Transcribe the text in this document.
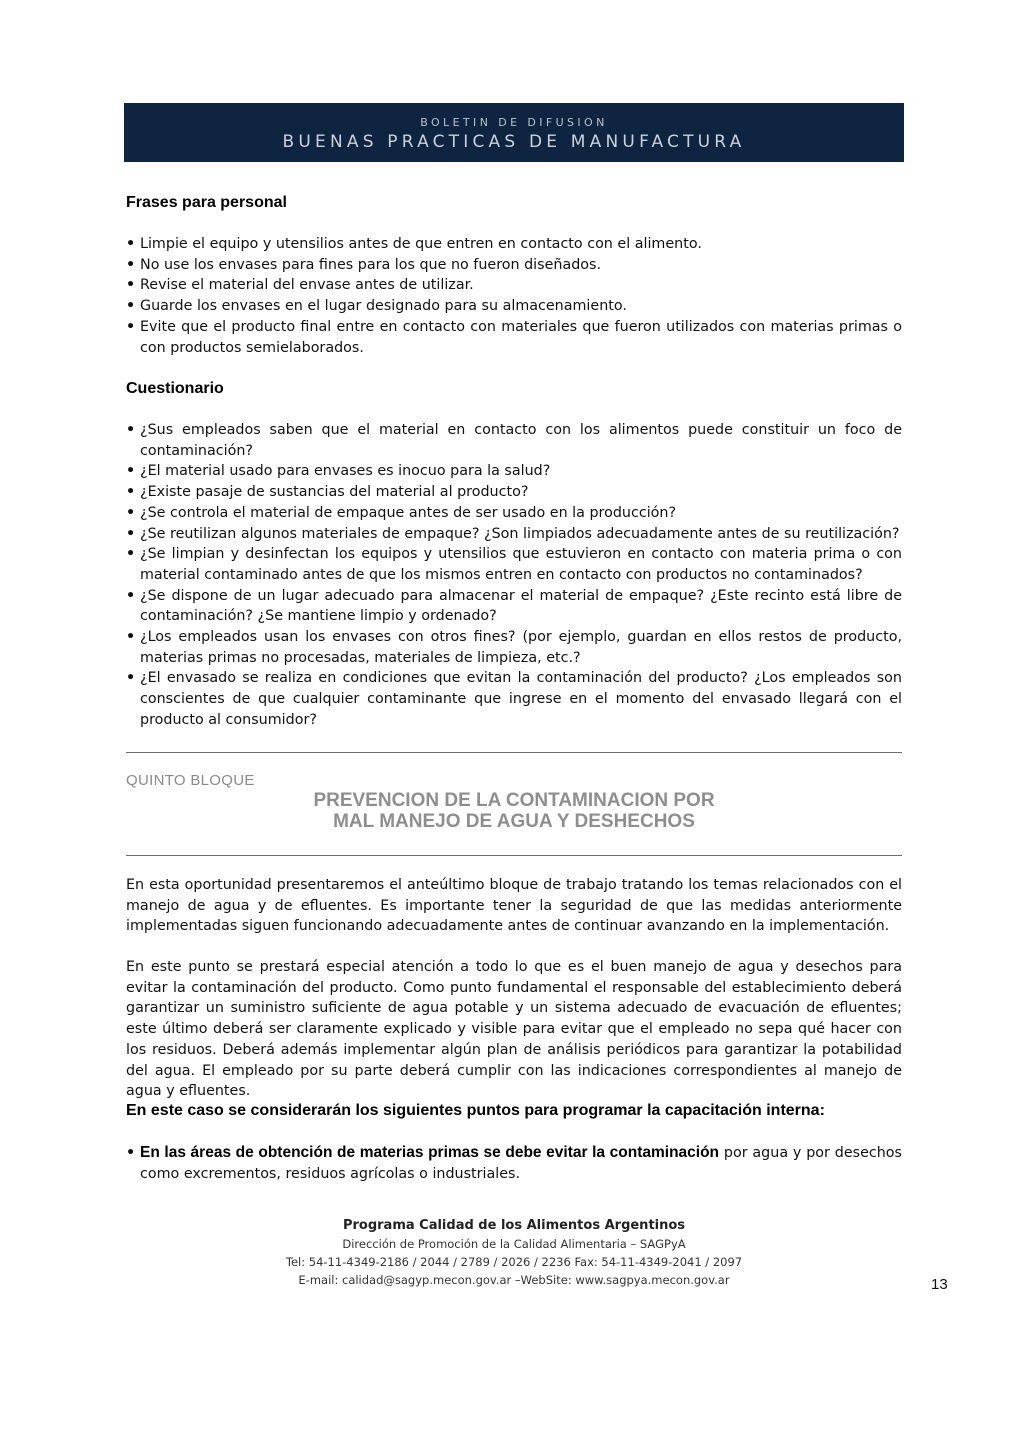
BOLETIN DE DIFUSION
BUENAS PRACTICAS DE MANUFACTURA
Frases para personal
• Limpie el equipo y utensilios antes de que entren en contacto con el alimento.
• No use los envases para fines para los que no fueron diseñados.
• Revise el material del envase antes de utilizar.
• Guarde los envases en el lugar designado para su almacenamiento.
• Evite que el producto final entre en contacto con materiales que fueron utilizados con materias primas o con productos semielaborados.
Cuestionario
• ¿Sus empleados saben que el material en contacto con los alimentos puede constituir un foco de contaminación?
• ¿El material usado para envases es inocuo para la salud?
• ¿Existe pasaje de sustancias del material al producto?
• ¿Se controla el material de empaque antes de ser usado en la producción?
• ¿Se reutilizan algunos materiales de empaque? ¿Son limpiados adecuadamente antes de su reutilización?
• ¿Se limpian y desinfectan los equipos y utensilios que estuvieron en contacto con materia prima o con material contaminado antes de que los mismos entren en contacto con productos no contaminados?
• ¿Se dispone de un lugar adecuado para almacenar el material de empaque? ¿Este recinto está libre de contaminación? ¿Se mantiene limpio y ordenado?
• ¿Los empleados usan los envases con otros fines? (por ejemplo, guardan en ellos restos de producto, materias primas no procesadas, materiales de limpieza, etc.?
• ¿El envasado se realiza en condiciones que evitan la contaminación del producto? ¿Los empleados son conscientes de que cualquier contaminante que ingrese en el momento del envasado llegará con el producto al consumidor?
QUINTO BLOQUE
PREVENCION DE LA CONTAMINACION POR
MAL MANEJO DE AGUA Y DESHECHOS

En esta oportunidad presentaremos el anteúltimo bloque de trabajo tratando los temas relacionados con el manejo de agua y de efluentes. Es importante tener la seguridad de que las medidas anteriormente implementadas siguen funcionando adecuadamente antes de continuar avanzando en la implementación.

En este punto se prestará especial atención a todo lo que es el buen manejo de agua y desechos para evitar la contaminación del producto. Como punto fundamental el responsable del establecimiento deberá garantizar un suministro suficiente de agua potable y un sistema adecuado de evacuación de efluentes; este último deberá ser claramente explicado y visible para evitar que el empleado no sepa qué hacer con los residuos. Deberá además implementar algún plan de análisis periódicos para garantizar la potabilidad del agua. El empleado por su parte deberá cumplir con las indicaciones correspondientes al manejo de agua y efluentes.

En este caso se considerarán los siguientes puntos para programar la capacitación interna:
• En las áreas de obtención de materias primas se debe evitar la contaminación por agua y por desechos como excrementos, residuos agrícolas o industriales.
Programa Calidad de los Alimentos Argentinos
Dirección de Promoción de la Calidad Alimentaria – SAGPyA
Tel: 54-11-4349-2186 / 2044 / 2789 / 2026 / 2236 Fax: 54-11-4349-2041 / 2097
E-mail: calidad@sagyp.mecon.gov.ar –WebSite: www.sagpya.mecon.gov.ar	13
